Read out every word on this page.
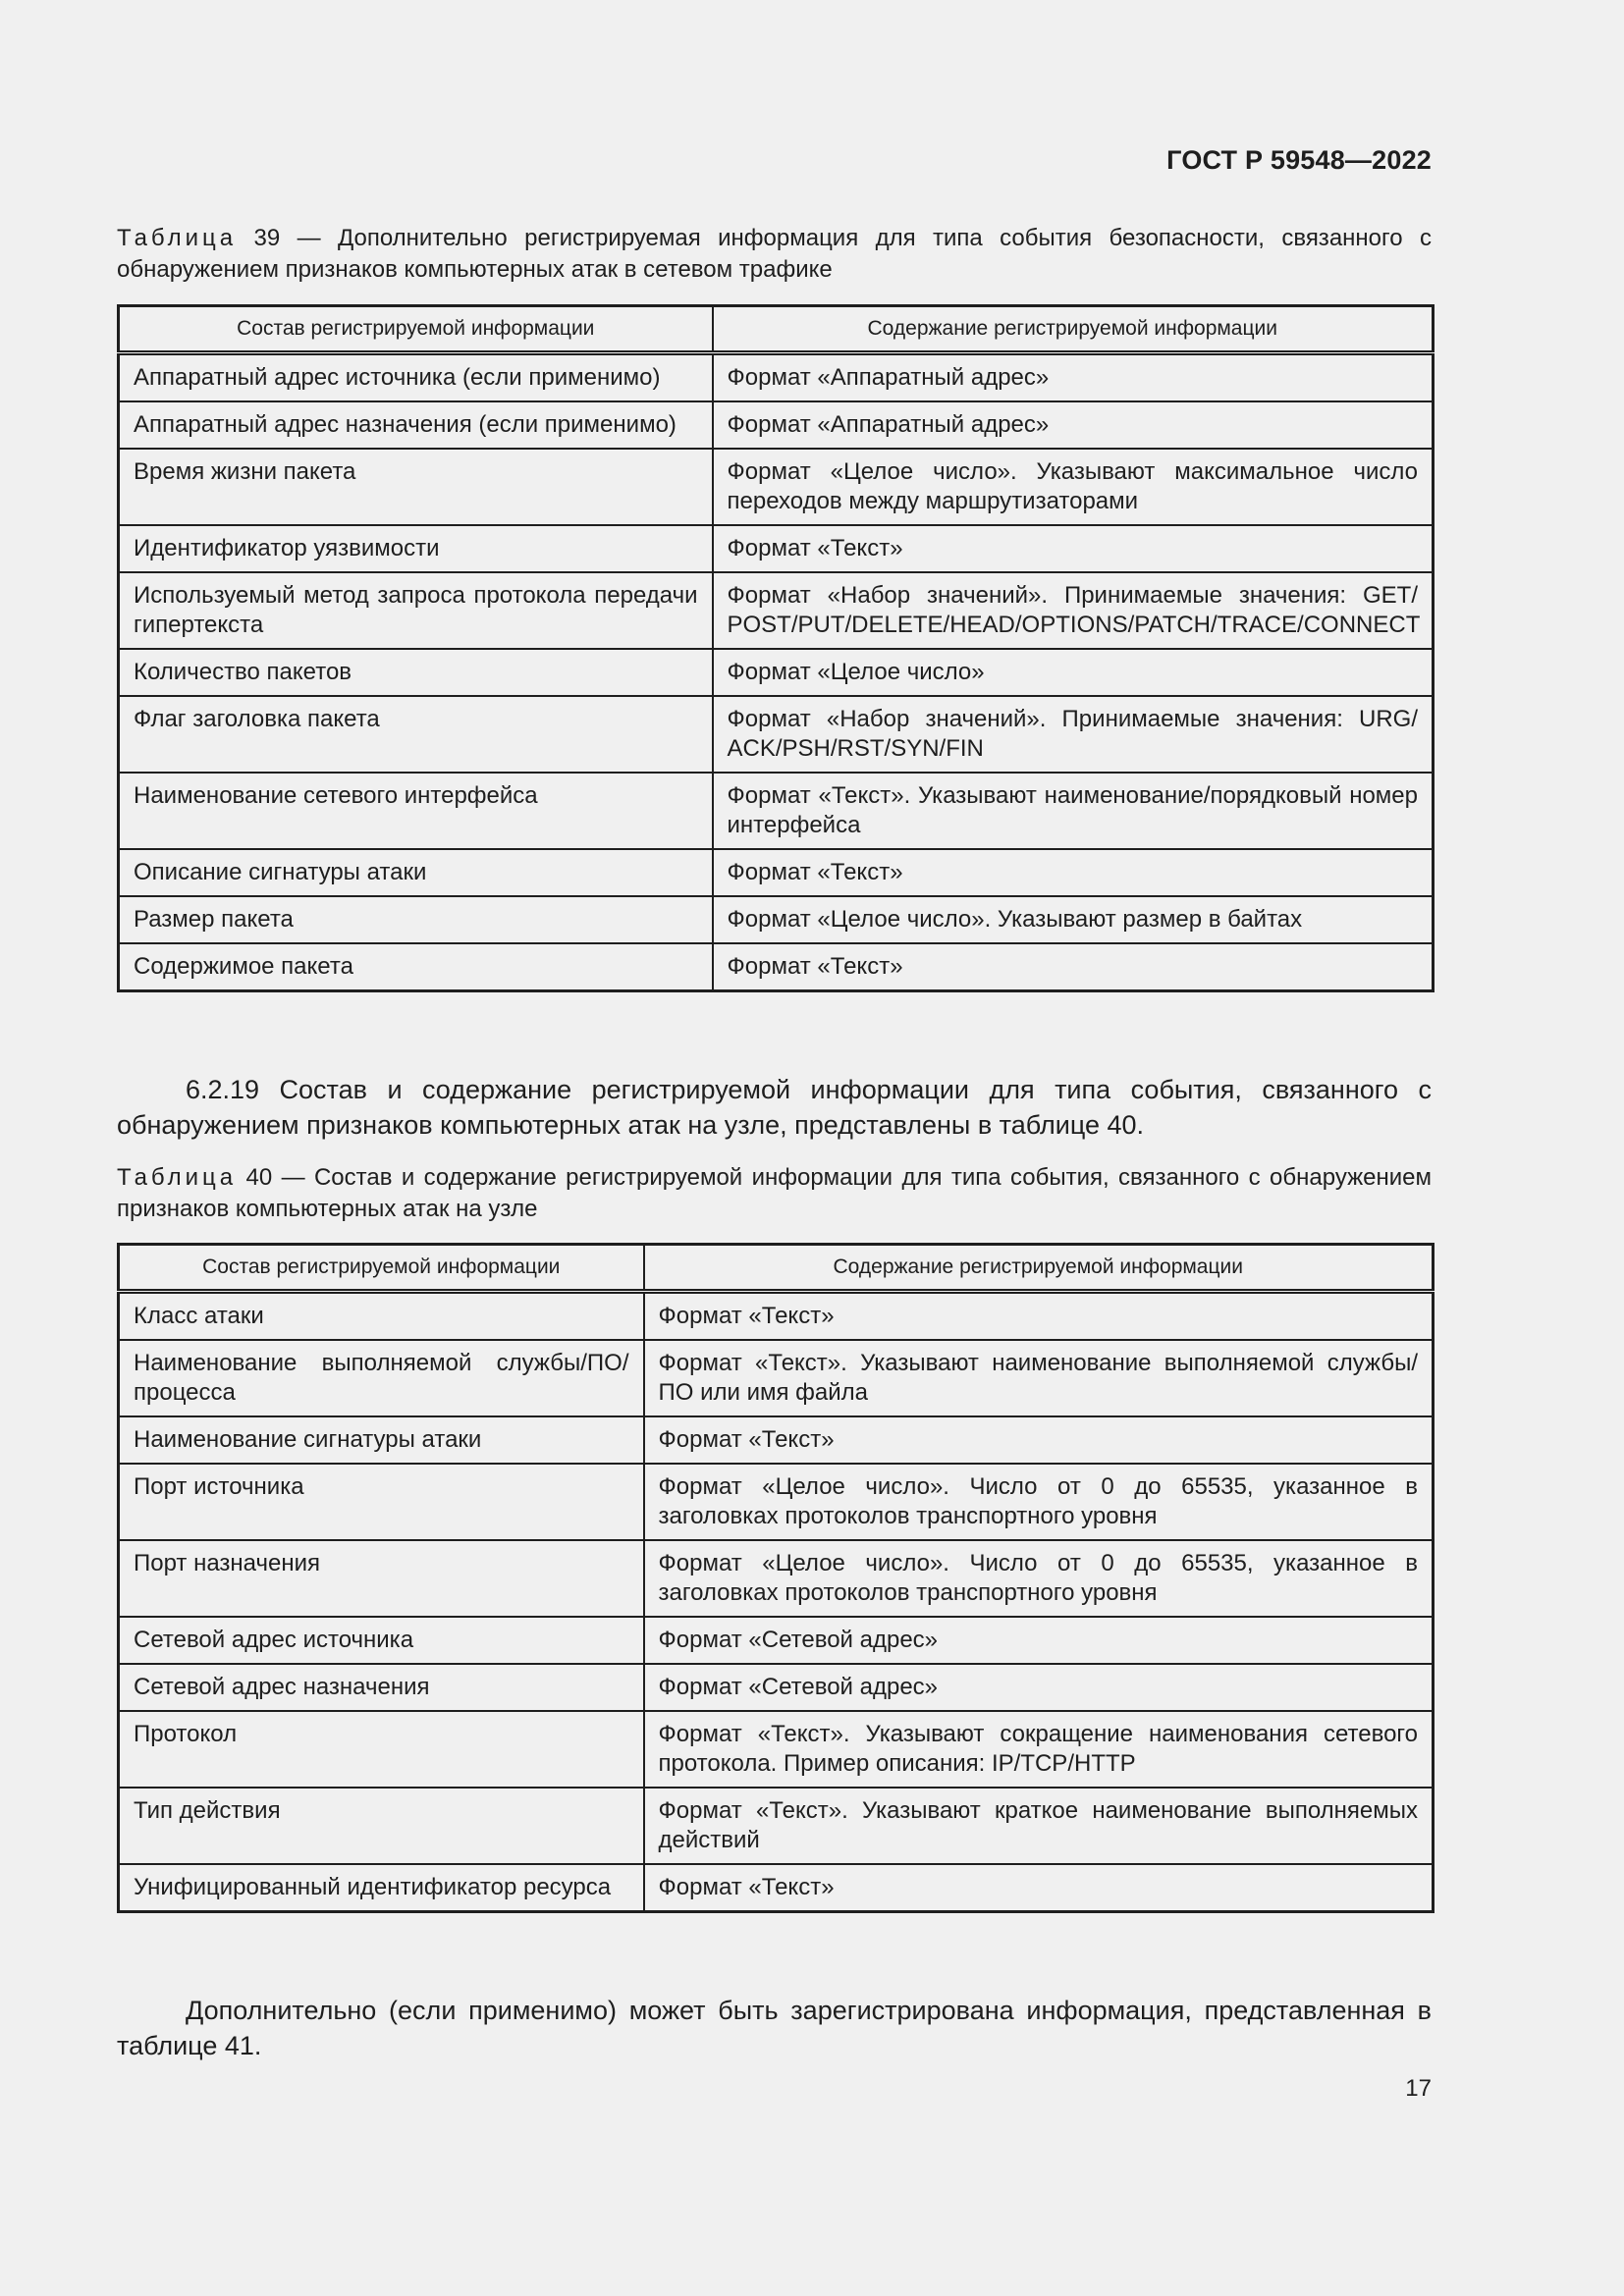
ГОСТ Р 59548—2022
Таблица 39 — Дополнительно регистрируемая информация для типа события безопасности, связанного с обнаружением признаков компьютерных атак в сетевом трафике
Состав регистрируемой информации	Содержание регистрируемой информации
Аппаратный адрес источника (если применимо)	Формат «Аппаратный адрес»
Аппаратный адрес назначения (если применимо)	Формат «Аппаратный адрес»
Время жизни пакета	Формат «Целое число». Указывают максимальное число переходов между маршрутизаторами
Идентификатор уязвимости	Формат «Текст»
Используемый метод запроса протокола передачи гипертекста	Формат «Набор значений». Принимаемые значения: GET/ POST/PUT/DELETE/HEAD/OPTIONS/PATCH/TRACE/CONNECT
Количество пакетов	Формат «Целое число»
Флаг заголовка пакета	Формат «Набор значений». Принимаемые значения: URG/ ACK/PSH/RST/SYN/FIN
Наименование сетевого интерфейса	Формат «Текст». Указывают наименование/порядковый номер интерфейса
Описание сигнатуры атаки	Формат «Текст»
Размер пакета	Формат «Целое число». Указывают размер в байтах
Содержимое пакета	Формат «Текст»
6.2.19 Состав и содержание регистрируемой информации для типа события, связанного с обнаружением признаков компьютерных атак на узле, представлены в таблице 40.
Таблица 40 — Состав и содержание регистрируемой информации для типа события, связанного с обнаружением признаков компьютерных атак на узле
Состав регистрируемой информации	Содержание регистрируемой информации
Класс атаки	Формат «Текст»
Наименование выполняемой службы/ПО/ процесса	Формат «Текст». Указывают наименование выполняемой службы/ ПО или имя файла
Наименование сигнатуры атаки	Формат «Текст»
Порт источника	Формат «Целое число». Число от 0 до 65535, указанное в заголовках протоколов транспортного уровня
Порт назначения	Формат «Целое число». Число от 0 до 65535, указанное в заголовках протоколов транспортного уровня
Сетевой адрес источника	Формат «Сетевой адрес»
Сетевой адрес назначения	Формат «Сетевой адрес»
Протокол	Формат «Текст». Указывают сокращение наименования сетевого протокола. Пример описания: IP/TCP/HTTP
Тип действия	Формат «Текст». Указывают краткое наименование выполняемых действий
Унифицированный идентификатор ресурса	Формат «Текст»
Дополнительно (если применимо) может быть зарегистрирована информация, представленная в таблице 41.
17
